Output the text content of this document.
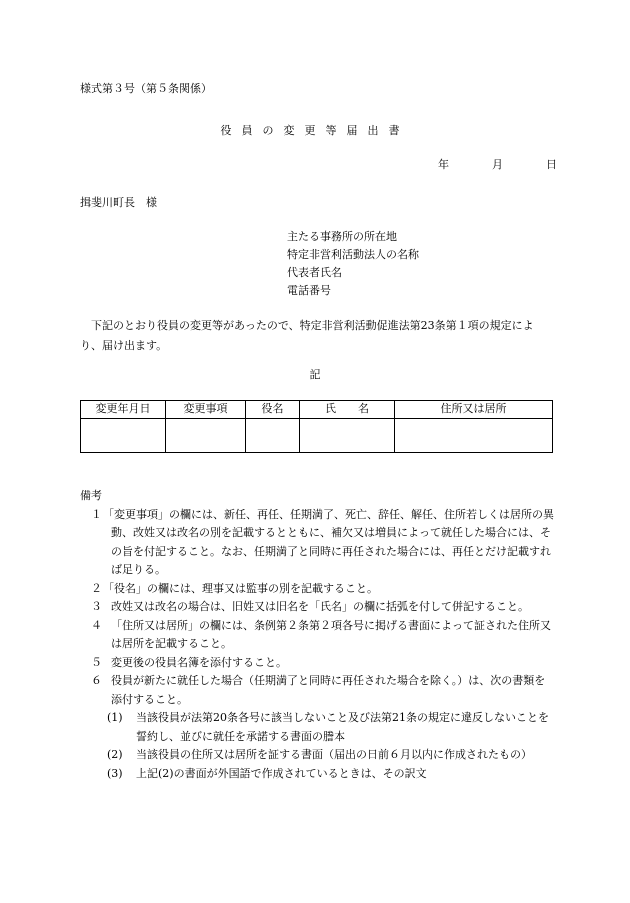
様式第３号（第５条関係）
役員の変更等届出書
年	月	日
揖斐川町長　様
主たる事務所の所在地
特定非営利活動法人の名称
代表者氏名
電話番号
下記のとおり役員の変更等があったので、特定非営利活動促進法第23条第１項の規定により、届け出ます。
記
変更年月日	変更事項	役名	氏　　名	住所又は居所

備考
１ 「変更事項」の欄には、新任、再任、任期満了、死亡、辞任、解任、住所若しくは居所の異動、改姓又は改名の別を記載するとともに、補欠又は増員によって就任した場合には、その旨を付記すること。なお、任期満了と同時に再任された場合には、再任とだけ記載すれば足りる。
２ 「役名」の欄には、理事又は監事の別を記載すること。
３ 改姓又は改名の場合は、旧姓又は旧名を「氏名」の欄に括弧を付して併記すること。
４ 「住所又は居所」の欄には、条例第２条第２項各号に掲げる書面によって証された住所又は居所を記載すること。
５ 変更後の役員名簿を添付すること。
６ 役員が新たに就任した場合（任期満了と同時に再任された場合を除く。）は、次の書類を添付すること。
(1) 当該役員が法第20条各号に該当しないこと及び法第21条の規定に違反しないことを誓約し、並びに就任を承諾する書面の謄本
(2) 当該役員の住所又は居所を証する書面（届出の日前６月以内に作成されたもの）
(3) 上記(2)の書面が外国語で作成されているときは、その訳文
